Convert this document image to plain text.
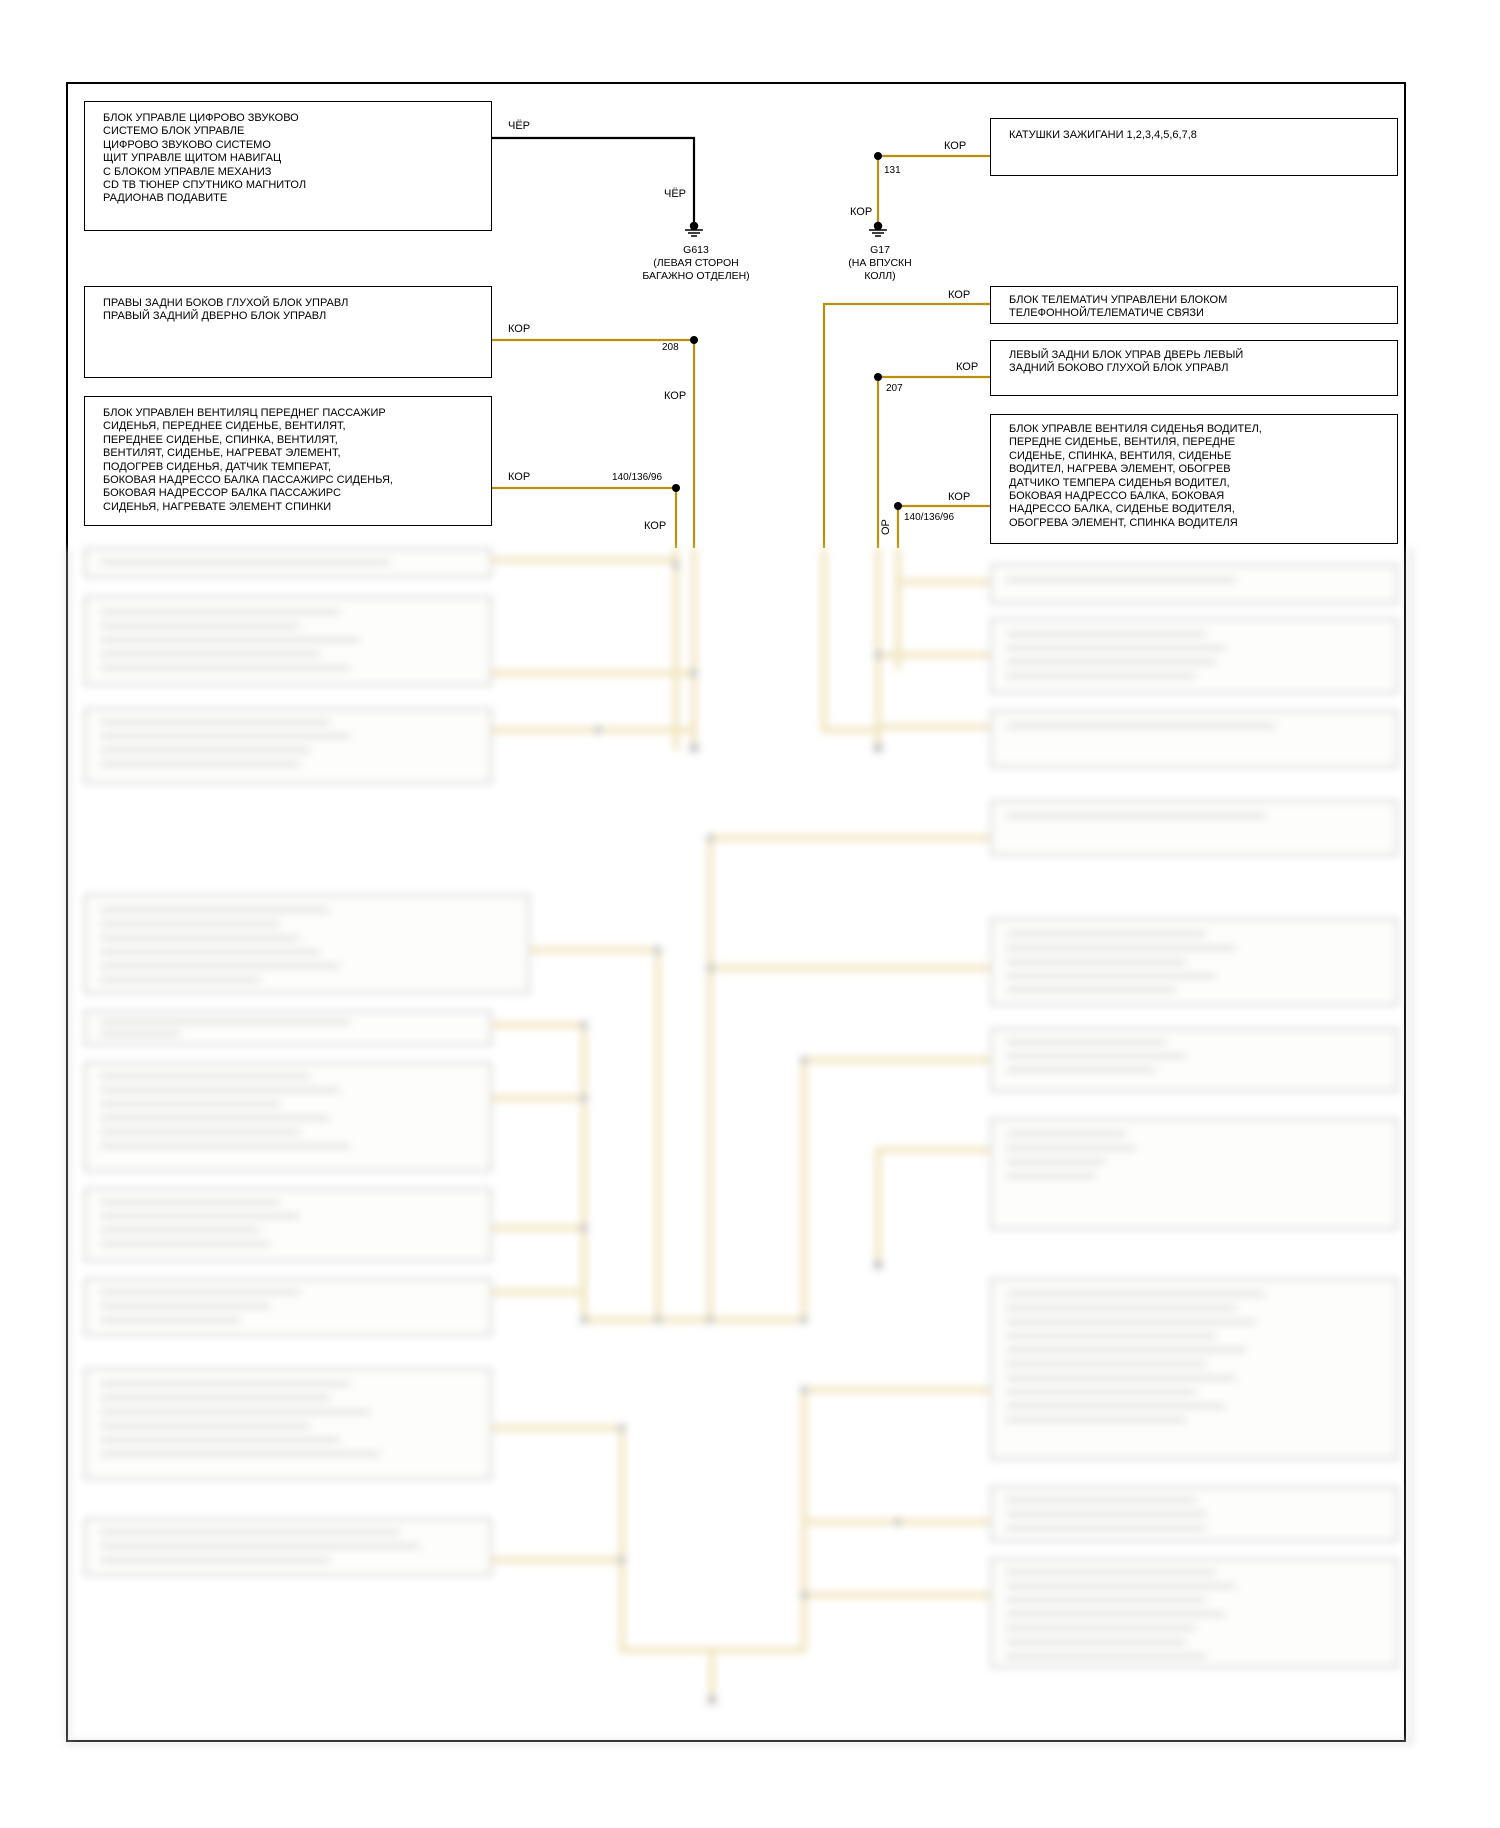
БЛОК УПРАВЛЕ ЦИФРОВО ЗВУКОВО
СИСТЕМО БЛОК УПРАВЛЕ
ЦИФРОВО ЗВУКОВО СИСТЕМО
ЩИТ УПРАВЛЕ ЩИТОМ НАВИГАЦ
С БЛОКОМ УПРАВЛЕ МЕХАНИЗ
CD ТВ ТЮНЕР СПУТНИКО МАГНИТОЛ
РАДИОНАВ ПОДАВИТЕ
ПРАВЫ ЗАДНИ БОКОВ ГЛУХОЙ БЛОК УПРАВЛ
ПРАВЫЙ ЗАДНИЙ ДВЕРНО БЛОК УПРАВЛ
БЛОК УПРАВЛЕН ВЕНТИЛЯЦ ПЕРЕДНЕГ ПАССАЖИР
СИДЕНЬЯ, ПЕРЕДНЕЕ СИДЕНЬЕ, ВЕНТИЛЯТ,
ПЕРЕДНЕЕ СИДЕНЬЕ, СПИНКА, ВЕНТИЛЯТ,
ВЕНТИЛЯТ, СИДЕНЬЕ, НАГРЕВАТ ЭЛЕМЕНТ,
ПОДОГРЕВ СИДЕНЬЯ, ДАТЧИК ТЕМПЕРАТ,
БОКОВАЯ НАДРЕССО БАЛКА ПАССАЖИРС СИДЕНЬЯ,
БОКОВАЯ НАДРЕССОР БАЛКА ПАССАЖИРС
СИДЕНЬЯ, НАГРЕВАТЕ ЭЛЕМЕНТ СПИНКИ
КАТУШКИ ЗАЖИГАНИ 1,2,3,4,5,6,7,8
БЛОК ТЕЛЕМАТИЧ УПРАВЛЕНИ БЛОКОМ
ТЕЛЕФОННОЙ/ТЕЛЕМАТИЧЕ СВЯЗИ
ЛЕВЫЙ ЗАДНИ БЛОК УПРАВ ДВЕРЬ ЛЕВЫЙ
ЗАДНИЙ БОКОВО ГЛУХОЙ БЛОК УПРАВЛ
БЛОК УПРАВЛЕ ВЕНТИЛЯ СИДЕНЬЯ ВОДИТЕЛ,
ПЕРЕДНЕ СИДЕНЬЕ, ВЕНТИЛЯ, ПЕРЕДНЕ
СИДЕНЬЕ, СПИНКА, ВЕНТИЛЯ, СИДЕНЬЕ
ВОДИТЕЛ, НАГРЕВА ЭЛЕМЕНТ, ОБОГРЕВ
ДАТЧИКО ТЕМПЕРА СИДЕНЬЯ ВОДИТЕЛ,
БОКОВАЯ НАДРЕССО БАЛКА, БОКОВАЯ
НАДРЕССО БАЛКА, СИДЕНЬЕ ВОДИТЕЛЯ,
ОБОГРЕВА ЭЛЕМЕНТ, СПИНКА ВОДИТЕЛЯ
ЧЁР
ЧЁР
КОР
КОР
КОР
КОР
КОР
КОР
КОР
КОР
КОР	ОР
131
208
207
140/136/96
140/136/96
G613
(ЛЕВАЯ СТОРОН
БАГАЖНО ОТДЕЛЕН)
G17
(НА ВПУСКН
КОЛЛ)
